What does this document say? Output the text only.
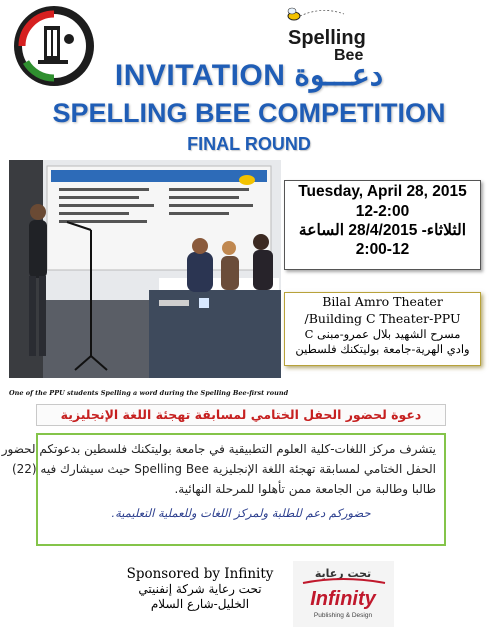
Spelling
Bee
INVITATION دعـــوة
SPELLING BEE COMPETITION
FINAL ROUND
One of the PPU students Spelling a word during the Spelling Bee-first round
Tuesday, April 28, 2015
12-2:00
الثلاثاء- 28/4/2015 الساعة
2:00-12
Bilal Amro Theater
/Building C Theater-PPU
مسرح الشهيد بلال عمرو-مبنى C
وادي الهرية-جامعة بوليتكنك فلسطين
دعوة لحضور الحفل الختامي لمسابقة تهجئة اللغة الإنجليزية
يتشرف مركز اللغات-كلية العلوم التطبيقية في جامعة بوليتكنك فلسطين بدعوتكم لحضور
الحفل الختامي لمسابقة تهجئة اللغة الإنجليزية Spelling Bee حيث سيشارك فيه (22)
طالبا وطالبة من الجامعة ممن تأهلوا للمرحلة النهائية.
حضوركم دعم للطلبة ولمركز اللغات وللعملية التعليمية.
Sponsored by Infinity
تحت رعاية شركة إنفنيتي
الخليل-شارع السلام
تحت رعاية
Infinity
Publishing & Design
